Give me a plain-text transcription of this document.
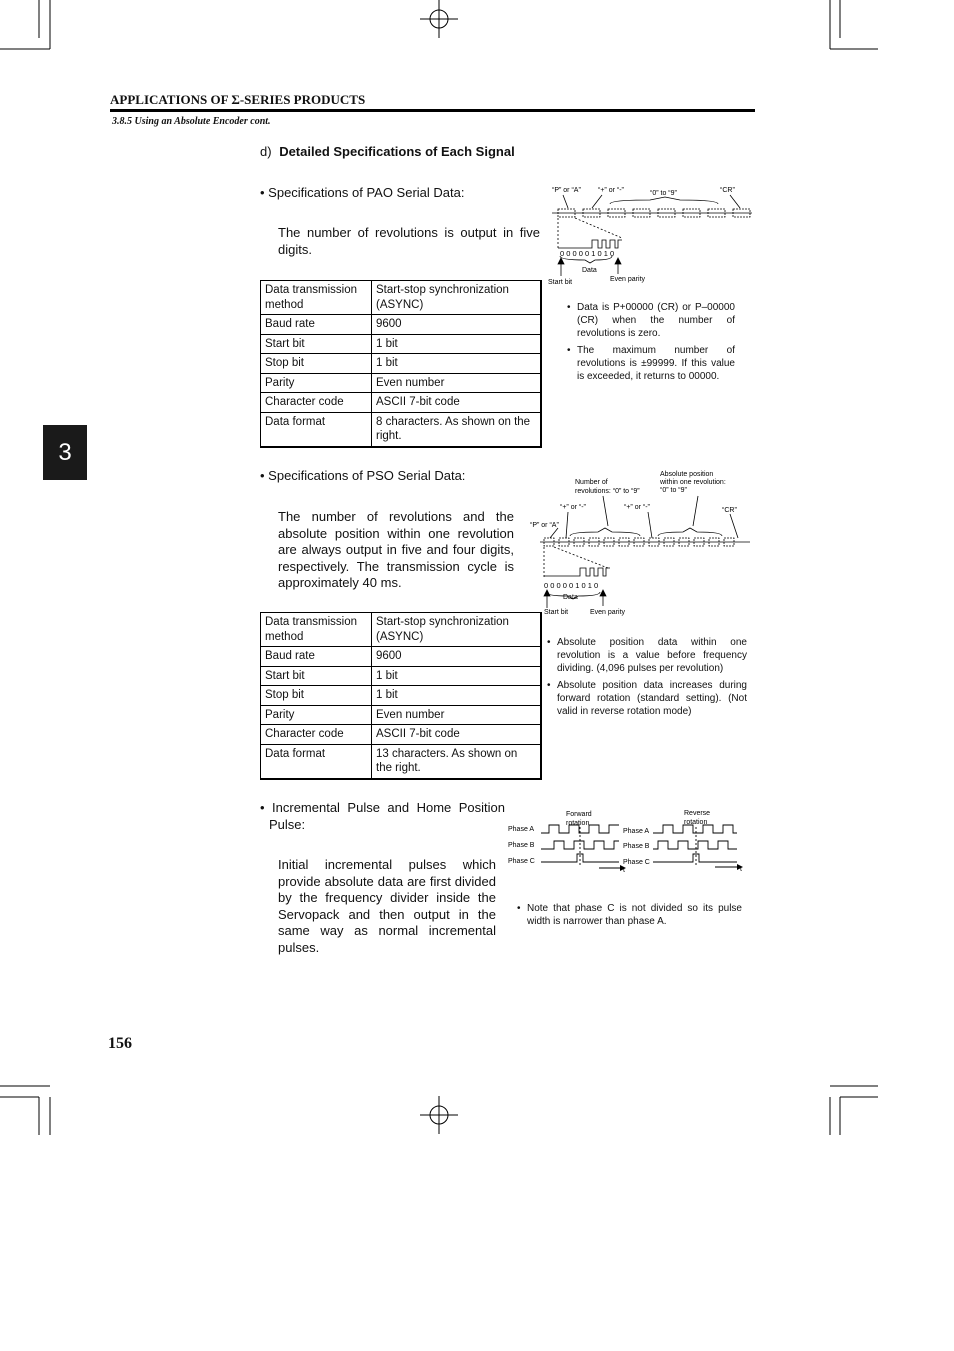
APPLICATIONS OF Σ-SERIES PRODUCTS
3.8.5 Using an Absolute Encoder cont.
d) Detailed Specifications of Each Signal
• Specifications of PAO Serial Data:
The number of revolutions is output in five digits.
Data transmission method	Start-stop synchronization (ASYNC)
Baud rate	9600
Start bit	1 bit
Stop bit	1 bit
Parity	Even number
Character code	ASCII 7-bit code
Data format	8 characters. As shown on the right.
“P” or “A” “+” or “-”	“0” to “9”	“CR”
0 0 0 0 0 1 0 1 0
Data
Start bit	Even parity
• Data is P+00000 (CR) or P–00000 (CR) when the number of revolutions is zero.
• The maximum number of revolutions is ±99999. If this value is exceeded, it returns to 00000.
3
• Specifications of PSO Serial Data:
The number of revolutions and the absolute position within one revolution are always output in five and four digits, respectively. The transmission cycle is approximately 40 ms.
Data transmission method	Start-stop synchronization (ASYNC)
Baud rate	9600
Start bit	1 bit
Stop bit	1 bit
Parity	Even number
Character code	ASCII 7-bit code
Data format	13 characters. As shown on the right.
Number of
revolutions: “0” to “9”
Absolute position
within one revolution:
“0” to “9”
“+” or “-”	“+” or “-”
“P” or “A”
“CR”
0 0 0 0 0 1 0 1 0
Data
Start bit	Even parity
• Absolute position data within one revolution is a value before frequency dividing. (4,096 pulses per revolution)
• Absolute position data increases during forward rotation (standard setting). (Not valid in reverse rotation mode)
• Incremental Pulse and Home Position Pulse:
Initial incremental pulses which provide absolute data are first divided by the frequency divider inside the Servopack and then output in the same way as normal incremental pulses.
Forward
rotation
Reverse
rotation
Phase A
Phase B
Phase C
Phase A
Phase B
Phase C
t	t
• Note that phase C is not divided so its pulse width is narrower than phase A.
156
